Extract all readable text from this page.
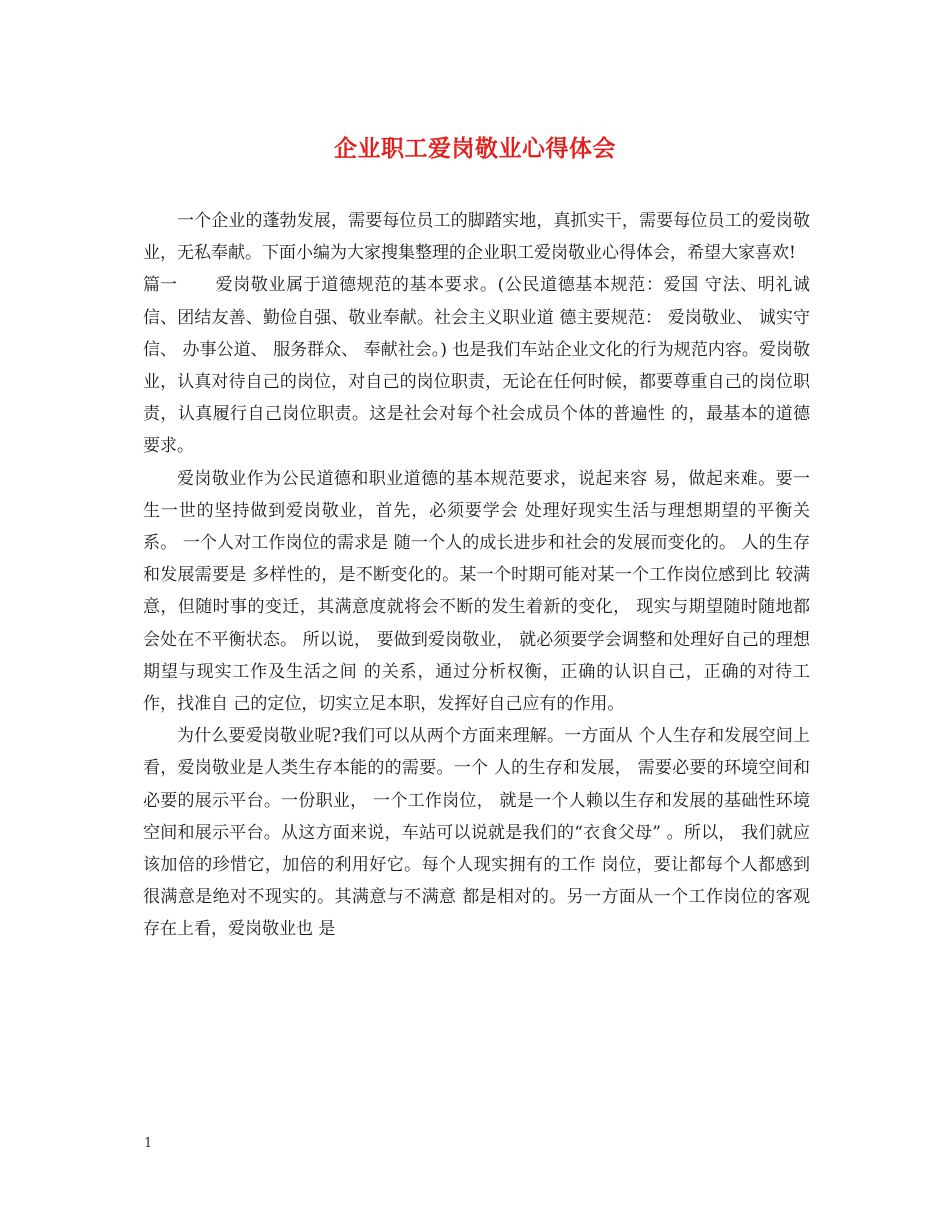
企业职工爱岗敬业心得体会

一个企业的蓬勃发展，需要每位员工的脚踏实地，真抓实干，需要每位员工的爱岗敬业，无私奉献。下面小编为大家搜集整理的企业职工爱岗敬业心得体会，希望大家喜欢!

篇一 爱岗敬业属于道德规范的基本要求。(公民道德基本规范：爱国 守法、明礼诚信、团结友善、勤俭自强、敬业奉献。社会主义职业道 德主要规范： 爱岗敬业、 诚实守信、 办事公道、 服务群众、 奉献社会。) 也是我们车站企业文化的行为规范内容。爱岗敬业，认真对待自己的岗位，对自己的岗位职责，无论在任何时候，都要尊重自己的岗位职 责，认真履行自己岗位职责。这是社会对每个社会成员个体的普遍性 的，最基本的道德要求。

爱岗敬业作为公民道德和职业道德的基本规范要求，说起来容 易，做起来难。要一生一世的坚持做到爱岗敬业，首先，必须要学会 处理好现实生活与理想期望的平衡关系。 一个人对工作岗位的需求是 随一个人的成长进步和社会的发展而变化的。 人的生存和发展需要是 多样性的，是不断变化的。某一个时期可能对某一个工作岗位感到比 较满意，但随时事的变迁，其满意度就将会不断的发生着新的变化， 现实与期望随时随地都会处在不平衡状态。 所以说， 要做到爱岗敬业， 就必须要学会调整和处理好自己的理想期望与现实工作及生活之间 的关系，通过分析权衡，正确的认识自己，正确的对待工作，找准自 己的定位，切实立足本职，发挥好自己应有的作用。

为什么要爱岗敬业呢?我们可以从两个方面来理解。一方面从 个人生存和发展空间上看，爱岗敬业是人类生存本能的的需要。一个 人的生存和发展， 需要必要的环境空间和必要的展示平台。一份职业， 一个工作岗位， 就是一个人赖以生存和发展的基础性环境空间和展示平台。从这方面来说，车站可以说就是我们的“衣食父母” 。所以， 我们就应该加倍的珍惜它，加倍的利用好它。每个人现实拥有的工作 岗位，要让都每个人都感到很满意是绝对不现实的。其满意与不满意 都是相对的。另一方面从一个工作岗位的客观存在上看，爱岗敬业也 是

1
